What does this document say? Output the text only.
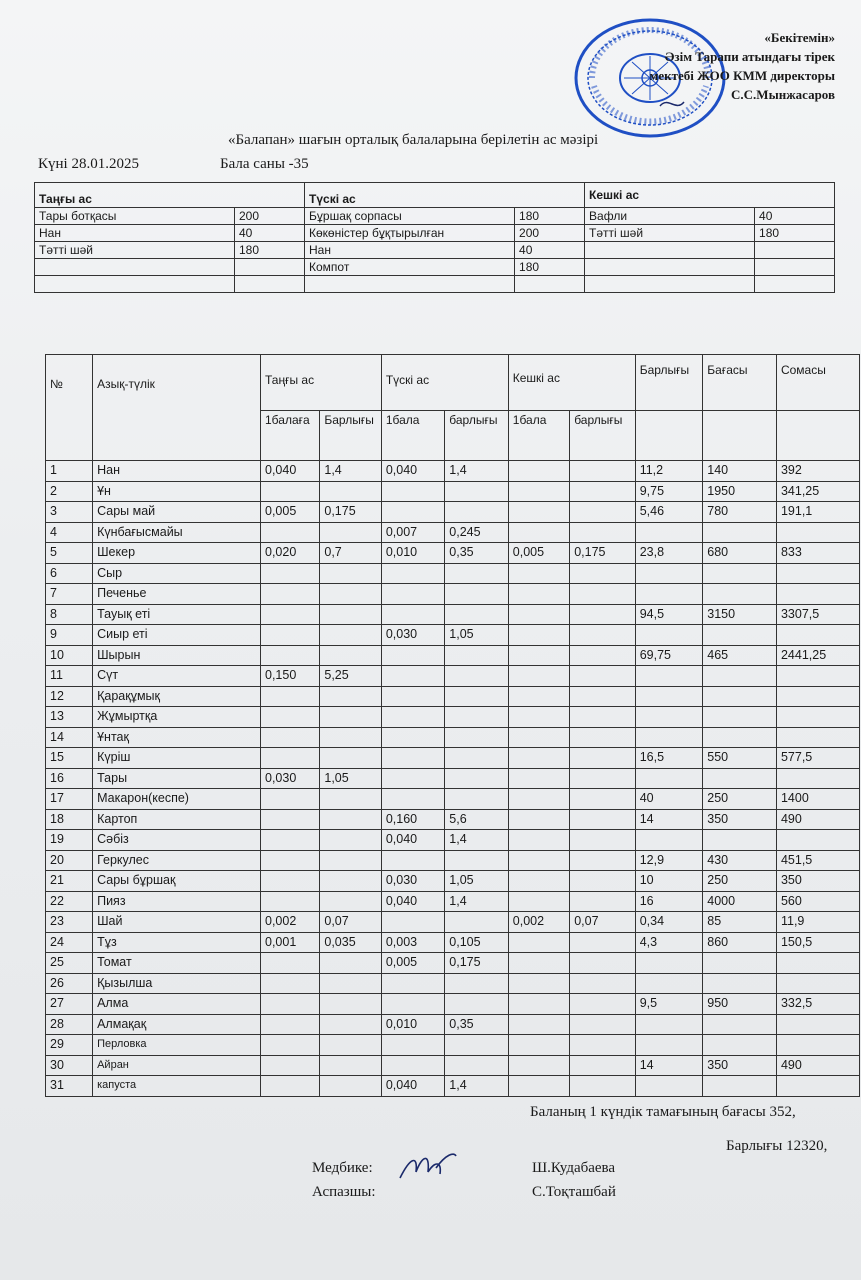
«Бекітемін»
Әзім Тарапи атындағы тірек
мектебі ЖОО КММ директоры
С.С.Мынжасаров
«Балапан» шағын орталық балаларына берілетін ас мәзірі
Күні 28.01.2025	Бала саны -35
Таңғы ас		Түскі ас		Кешкі ас	
Тары ботқасы	200	Бұршақ сорпасы	180	Вафли	40
Нан	40	Көкөністер бұқтырылған	200	Тәтті шәй	180
Тәтті шәй	180	Нан	40		
		Компот	180		

№	Азық-түлік	Таңғы ас		Түскі ас		Кешкі ас		Барлығы	Бағасы	Сомасы
		1балаға	Барлығы	1бала	барлығы	1бала	барлығы			
1	Нан	0,040	1,4	0,040	1,4			11,2	140	392
2	Ұн							9,75	1950	341,25
3	Сары май	0,005	0,175					5,46	780	191,1
4	Күнбағысмайы			0,007	0,245					
5	Шекер	0,020	0,7	0,010	0,35	0,005	0,175	23,8	680	833
6	Сыр									
7	Печенье									
8	Тауық еті							94,5	3150	3307,5
9	Сиыр еті			0,030	1,05					
10	Шырын							69,75	465	2441,25
11	Сүт	0,150	5,25							
12	Қарақұмық									
13	Жұмыртқа									
14	Ұнтақ									
15	Күріш							16,5	550	577,5
16	Тары	0,030	1,05							
17	Макарон(кеспе)							40	250	1400
18	Картоп			0,160	5,6			14	350	490
19	Сәбіз			0,040	1,4					
20	Геркулес							12,9	430	451,5
21	Сары бұршақ			0,030	1,05			10	250	350
22	Пияз			0,040	1,4			16	4000	560
23	Шай	0,002	0,07			0,002	0,07	0,34	85	11,9
24	Тұз	0,001	0,035	0,003	0,105			4,3	860	150,5
25	Томат			0,005	0,175					
26	Қызылша									
27	Алма							9,5	950	332,5
28	Алмақақ			0,010	0,35					
29	Перловка									
30	Айран							14	350	490
31	капуста			0,040	1,4					
Баланың 1 күндік тамағының бағасы 352,
Барлығы 12320,
Медбике:	Ш.Кудабаева
Аспазшы:	С.Тоқташбай
